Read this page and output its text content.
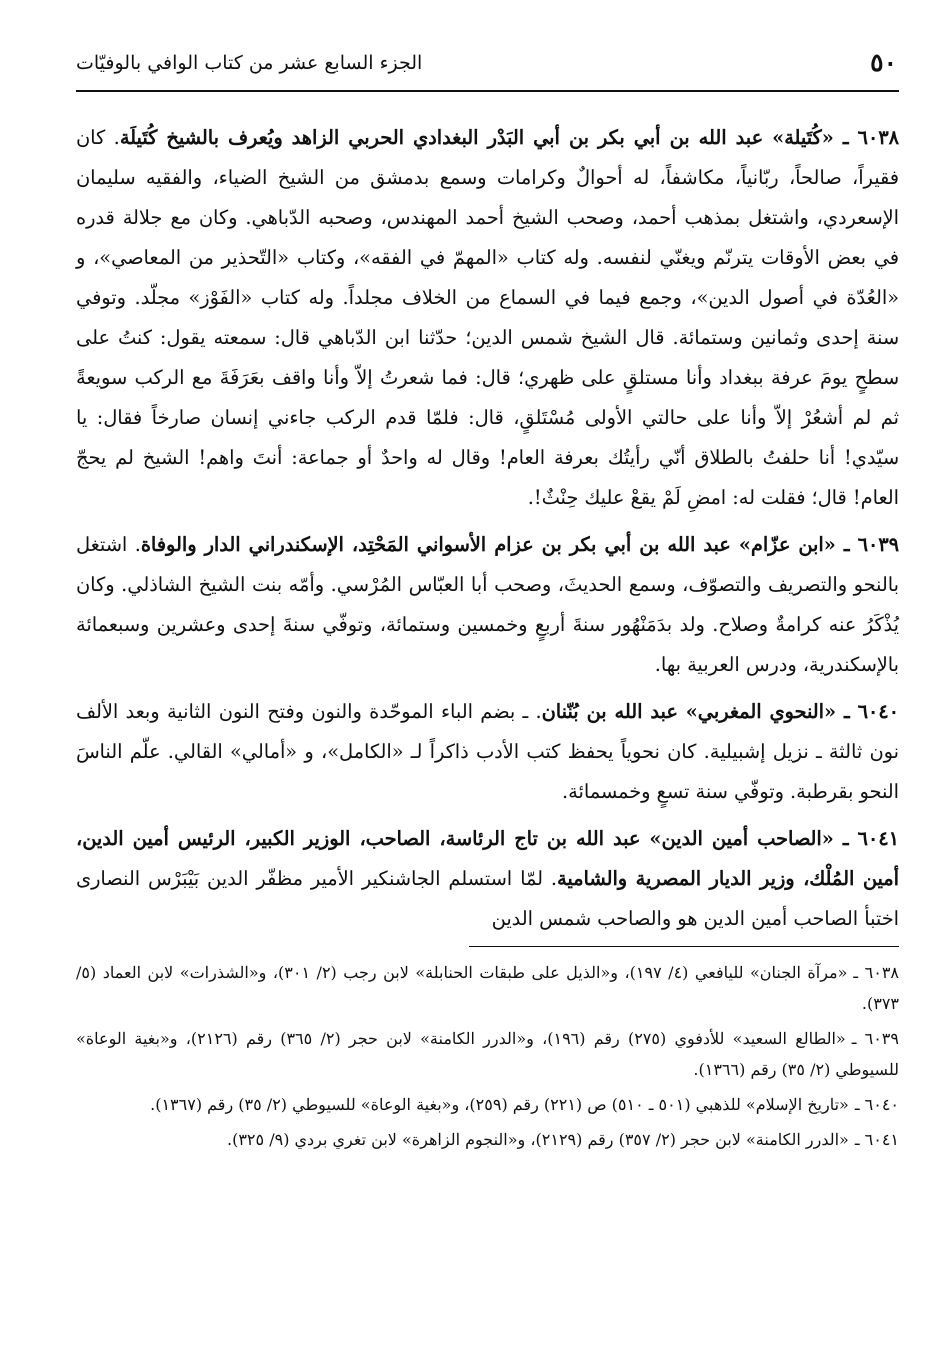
٥٠
الجزء السابع عشر من كتاب الوافي بالوفيّات

٦٠٣٨ ـ «كُتَيلة» عبد الله بن أبي بكر بن أبي البَدْر البغدادي الحربي الزاهد ويُعرف بالشيخ كُتَيلَة. كان فقيراً، صالحاً، ربّانياً، مكاشفاً، له أحوالٌ وكرامات وسمع بدمشق من الشيخ الضياء، والفقيه سليمان الإسعردي، واشتغل بمذهب أحمد، وصحب الشيخ أحمد المهندس، وصحبه الدّباهي. وكان مع جلالة قدره في بعض الأوقات يترنّم ويغنّي لنفسه. وله كتاب «المهمّ في الفقه»، وكتاب «التّحذير من المعاصي»، و «العُدّة في أصول الدين»، وجمع فيما في السماع من الخلاف مجلداً. وله كتاب «الفَوْز» مجلّد. وتوفي سنة إحدى وثمانين وستمائة. قال الشيخ شمس الدين؛ حدّثنا ابن الدّباهي قال: سمعته يقول: كنتُ على سطحٍ يومَ عرفة ببغداد وأنا مستلقٍ على ظهري؛ قال: فما شعرتُ إلاّ وأنا واقف بعَرَفَةَ مع الركب سويعةً ثم لم أشعُرْ إلاّ وأنا على حالتي الأولى مُسْتَلقٍ، قال: فلمّا قدم الركب جاءني إنسان صارخاً فقال: يا سيّدي! أنا حلفتُ بالطلاق أنّي رأيتُك بعرفة العام! وقال له واحدٌ أو جماعة: أنتَ واهم! الشيخ لم يحجّ العام! قال؛ فقلت له: امضِ لَمْ يقعْ عليك حِنْثٌ!.

٦٠٣٩ ـ «ابن عزّام» عبد الله بن أبي بكر بن عزام الأسواني المَحْتِد، الإسكندراني الدار والوفاة. اشتغل بالنحو والتصريف والتصوّف، وسمع الحديثَ، وصحب أبا العبّاس المُرْسي. وأمّه بنت الشيخ الشاذلي. وكان يُذْكَرُ عنه كرامةٌ وصلاح. ولد بدَمَنْهُور سنةَ أربعٍ وخمسين وستمائة، وتوفّي سنةَ إحدى وعشرين وسبعمائة بالإسكندرية، ودرس العربية بها.

٦٠٤٠ ـ «النحوي المغربي» عبد الله بن بُنّنان. ـ بضم الباء الموحّدة والنون وفتح النون الثانية وبعد الألف نون ثالثة ـ نزيل إشبيلية. كان نحوياً يحفظ كتب الأدب ذاكراً لـ «الكامل»، و «أمالي» القالي. علّم الناسَ النحو بقرطبة. وتوفّي سنة تسعٍ وخمسمائة.

٦٠٤١ ـ «الصاحب أمين الدين» عبد الله بن تاج الرئاسة، الصاحب، الوزير الكبير، الرئيس أمين الدين، أمين المُلْك، وزير الديار المصرية والشامية. لمّا استسلم الجاشنكير الأمير مظفّر الدين بَيْبَرْس النصارى اختبأ الصاحب أمين الدين هو والصاحب شمس الدين

٦٠٣٨ ـ«مرآة الجنان» لليافعي (٤/ ١٩٧)، و«الذيل على طبقات الحنابلة» لابن رجب (٢/ ٣٠١)، و«الشذرات» لابن العماد (٥/ ٣٧٣).

٦٠٣٩ ـ«الطالع السعيد» للأدفوي (٢٧٥) رقم (١٩٦)، و«الدرر الكامنة» لابن حجر (٢/ ٣٦٥) رقم (٢١٢٦)، و«بغية الوعاة» للسيوطي (٢/ ٣٥) رقم (١٣٦٦).

٦٠٤٠ ـ«تاريخ الإسلام» للذهبي (٥٠١ ـ ٥١٠) ص (٢٢١) رقم (٢٥٩)، و«بغية الوعاة» للسيوطي (٢/ ٣٥) رقم (١٣٦٧).

٦٠٤١ ـ«الدرر الكامنة» لابن حجر (٢/ ٣٥٧) رقم (٢١٢٩)، و«النجوم الزاهرة» لابن تغري بردي (٩/ ٣٢٥).
